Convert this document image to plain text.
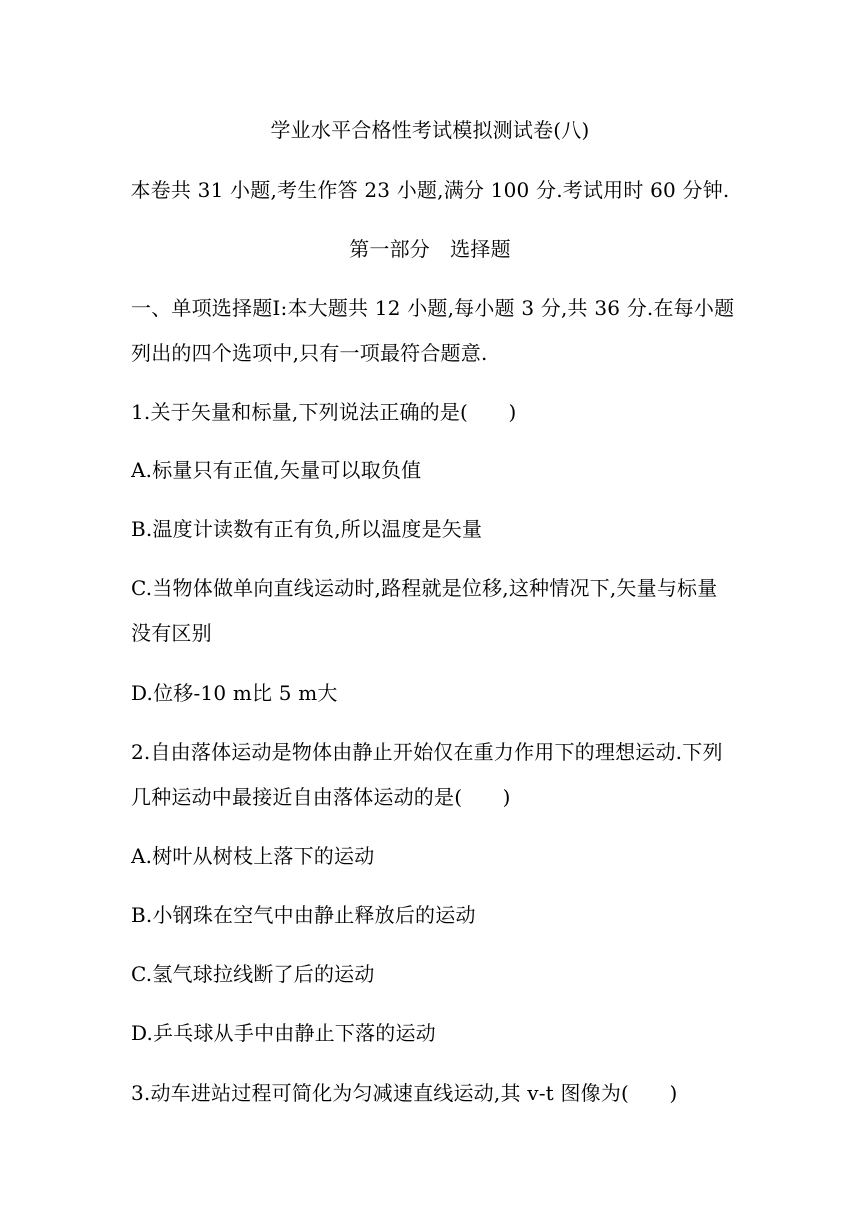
学业水平合格性考试模拟测试卷(八)
本卷共 31 小题,考生作答 23 小题,满分 100 分.考试用时 60 分钟.
第一部分　选择题
一、单项选择题Ⅰ:本大题共 12 小题,每小题 3 分,共 36 分.在每小题
列出的四个选项中,只有一项最符合题意.
1.关于矢量和标量,下列说法正确的是(　　)
A.标量只有正值,矢量可以取负值
B.温度计读数有正有负,所以温度是矢量
C.当物体做单向直线运动时,路程就是位移,这种情况下,矢量与标量
没有区别
D.位移-10 m比 5 m大
2.自由落体运动是物体由静止开始仅在重力作用下的理想运动.下列
几种运动中最接近自由落体运动的是(　　)
A.树叶从树枝上落下的运动
B.小钢珠在空气中由静止释放后的运动
C.氢气球拉线断了后的运动
D.乒乓球从手中由静止下落的运动
3.动车进站过程可简化为匀减速直线运动,其 v-t 图像为(　　)
